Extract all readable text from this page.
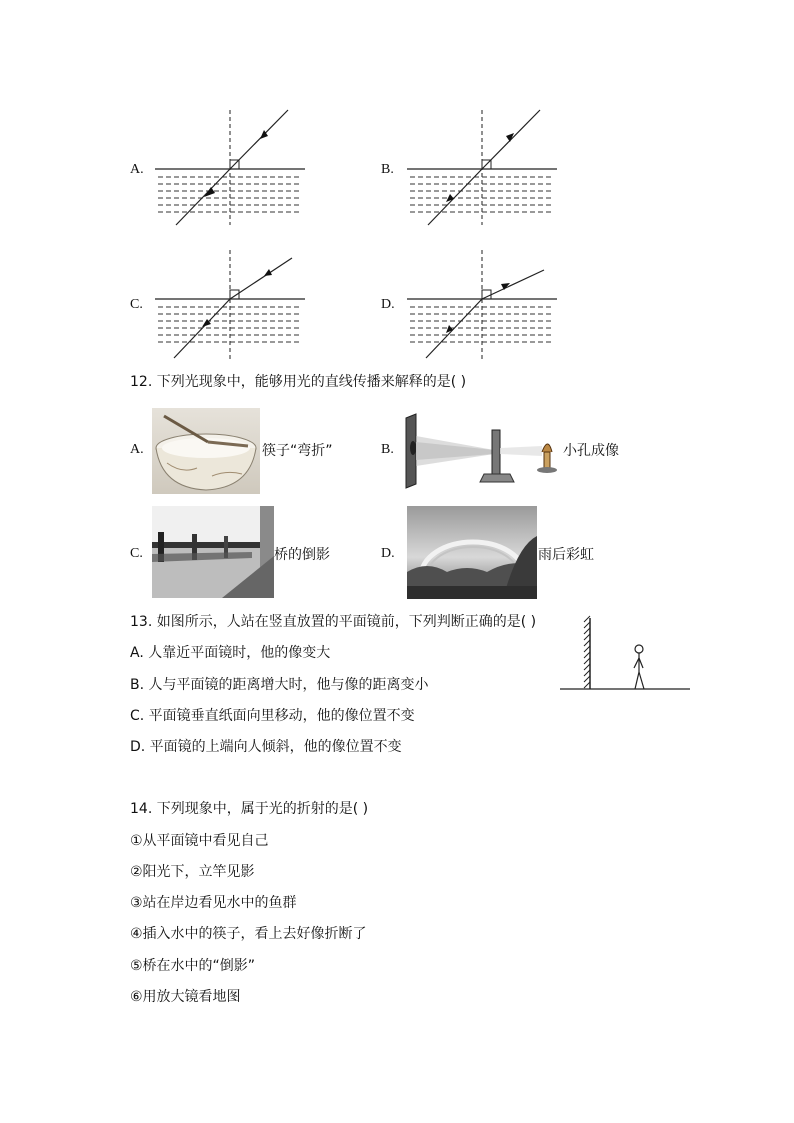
A.	B.
C.	D.
12. 下列光现象中，能够用光的直线传播来解释的是( )
A.	筷子“弯折”	B.	小孔成像
C.	桥的倒影	D.	雨后彩虹
13. 如图所示，人站在竖直放置的平面镜前，下列判断正确的是( )
A. 人靠近平面镜时，他的像变大
B. 人与平面镜的距离增大时，他与像的距离变小
C. 平面镜垂直纸面向里移动，他的像位置不变
D. 平面镜的上端向人倾斜，他的像位置不变
14. 下列现象中，属于光的折射的是( )
①从平面镜中看见自己
②阳光下，立竿见影
③站在岸边看见水中的鱼群
④插入水中的筷子，看上去好像折断了
⑤桥在水中的“倒影”
⑥用放大镜看地图
